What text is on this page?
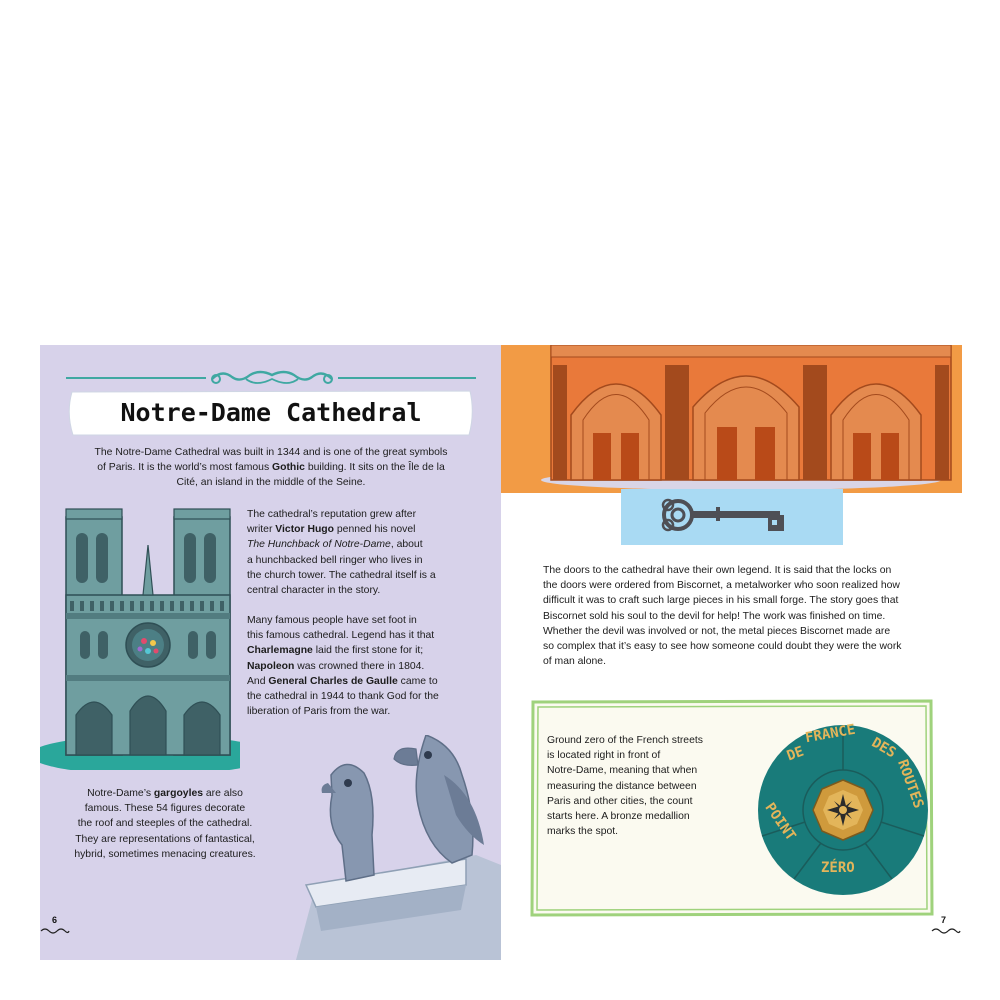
Notre-Dame Cathedral
The Notre-Dame Cathedral was built in 1344 and is one of the great symbols
of Paris. It is the world’s most famous Gothic building. It sits on the Île de la
Cité, an island in the middle of the Seine.
The cathedral’s reputation grew after
writer Victor Hugo penned his novel
The Hunchback of Notre-Dame, about
a hunchbacked bell ringer who lives in
the church tower. The cathedral itself is a
central character in the story.
Many famous people have set foot in
this famous cathedral. Legend has it that
Charlemagne laid the first stone for it;
Napoleon was crowned there in 1804.
And General Charles de Gaulle came to
the cathedral in 1944 to thank God for the
liberation of Paris from the war.
Notre-Dame’s gargoyles are also
famous. These 54 figures decorate
the roof and steeples of the cathedral.
They are representations of fantastical,
hybrid, sometimes menacing creatures.
6
The doors to the cathedral have their own legend. It is said that the locks on
the doors were ordered from Biscornet, a metalworker who soon realized how
difficult it was to craft such large pieces in his small forge. The story goes that
Biscornet sold his soul to the devil for help! The work was finished on time.
Whether the devil was involved or not, the metal pieces Biscornet made are
so complex that it’s easy to see how someone could doubt they were the work
of man alone.
Ground zero of the French streets
is located right in front of
Notre-Dame, meaning that when
measuring the distance between
Paris and other cities, the count
starts here. A bronze medallion
marks the spot.
DE
FRANCE
DES
ROUTES
ZÉRO
POINT
7
